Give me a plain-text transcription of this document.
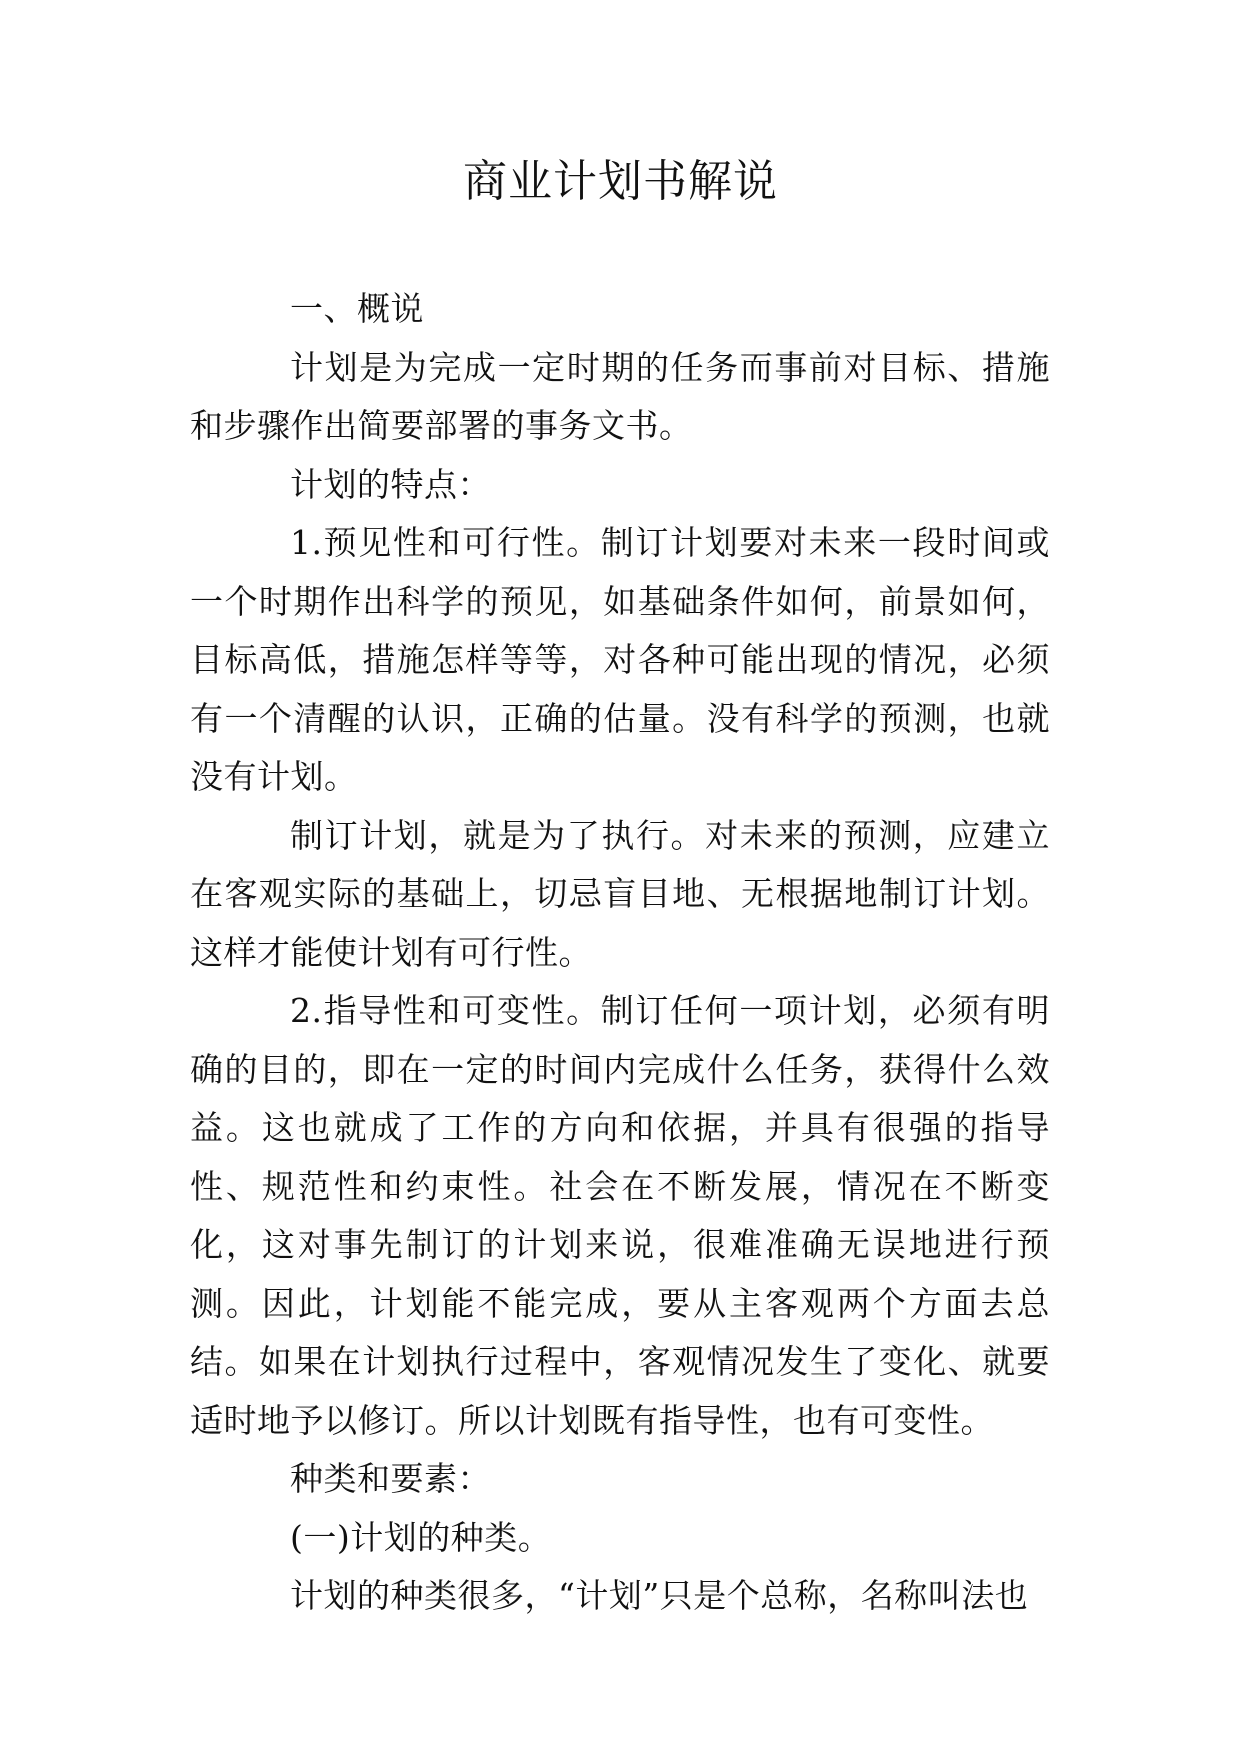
商业计划书解说

一、概说

计划是为完成一定时期的任务而事前对目标、措施和步骤作出简要部署的事务文书。

计划的特点：

1.预见性和可行性。制订计划要对未来一段时间或一个时期作出科学的预见，如基础条件如何，前景如何，目标高低，措施怎样等等，对各种可能出现的情况，必须有一个清醒的认识，正确的估量。没有科学的预测，也就没有计划。

制订计划，就是为了执行。对未来的预测，应建立在客观实际的基础上，切忌盲目地、无根据地制订计划。这样才能使计划有可行性。

2.指导性和可变性。制订任何一项计划，必须有明确的目的，即在一定的时间内完成什么任务，获得什么效益。这也就成了工作的方向和依据，并具有很强的指导性、规范性和约束性。社会在不断发展，情况在不断变化，这对事先制订的计划来说，很难准确无误地进行预测。因此，计划能不能完成，要从主客观两个方面去总结。如果在计划执行过程中，客观情况发生了变化、就要适时地予以修订。所以计划既有指导性，也有可变性。

种类和要素：

(一)计划的种类。

计划的种类很多，“计划”只是个总称，名称叫法也
